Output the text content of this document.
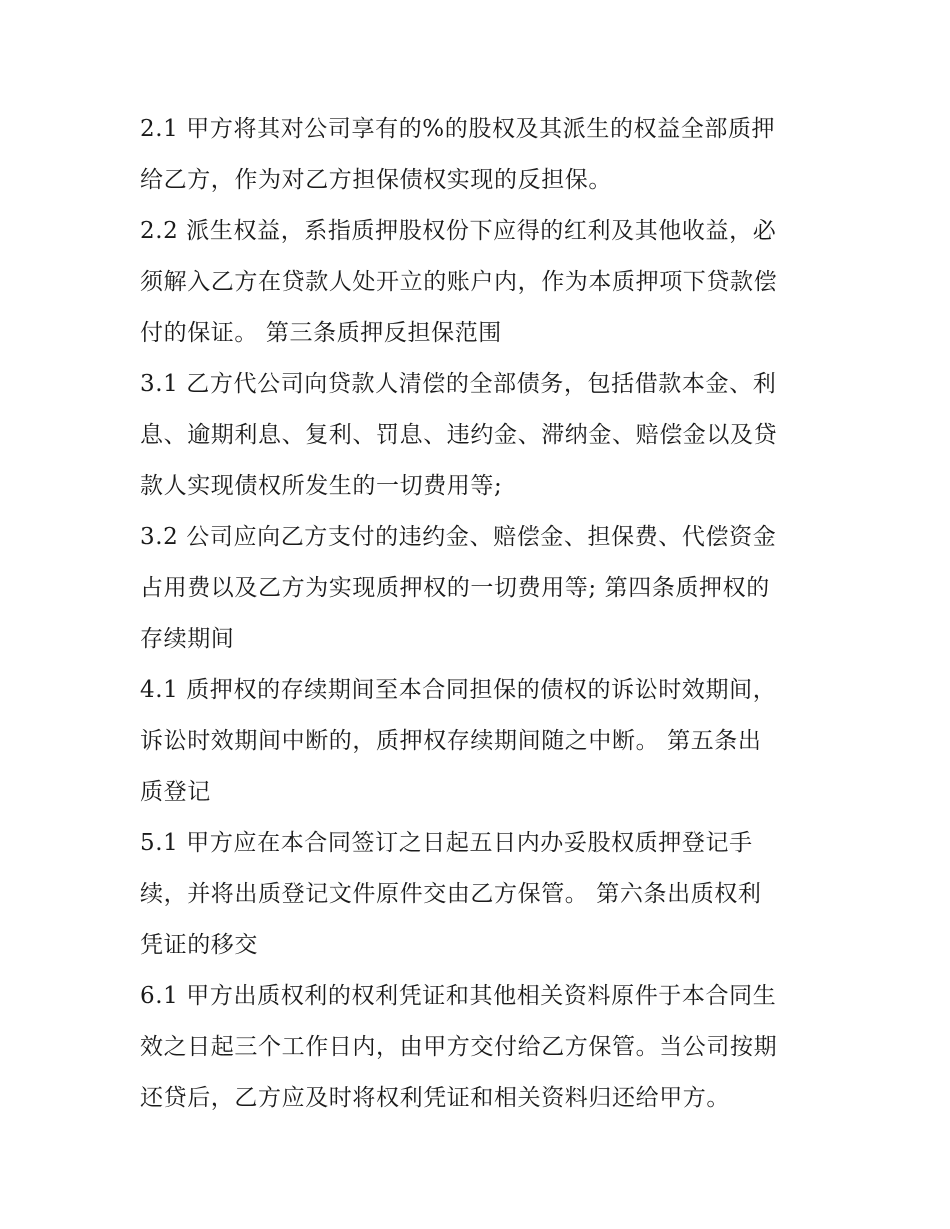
2.1 甲方将其对公司享有的%的股权及其派生的权益全部质押
给乙方，作为对乙方担保债权实现的反担保。
2.2 派生权益，系指质押股权份下应得的红利及其他收益，必
须解入乙方在贷款人处开立的账户内，作为本质押项下贷款偿
付的保证。 第三条质押反担保范围
3.1 乙方代公司向贷款人清偿的全部债务，包括借款本金、利
息、逾期利息、复利、罚息、违约金、滞纳金、赔偿金以及贷
款人实现债权所发生的一切费用等;
3.2 公司应向乙方支付的违约金、赔偿金、担保费、代偿资金
占用费以及乙方为实现质押权的一切费用等; 第四条质押权的
存续期间
4.1 质押权的存续期间至本合同担保的债权的诉讼时效期间，
诉讼时效期间中断的，质押权存续期间随之中断。 第五条出
质登记
5.1 甲方应在本合同签订之日起五日内办妥股权质押登记手
续，并将出质登记文件原件交由乙方保管。 第六条出质权利
凭证的移交
6.1 甲方出质权利的权利凭证和其他相关资料原件于本合同生
效之日起三个工作日内，由甲方交付给乙方保管。当公司按期
还贷后，乙方应及时将权利凭证和相关资料归还给甲方。
